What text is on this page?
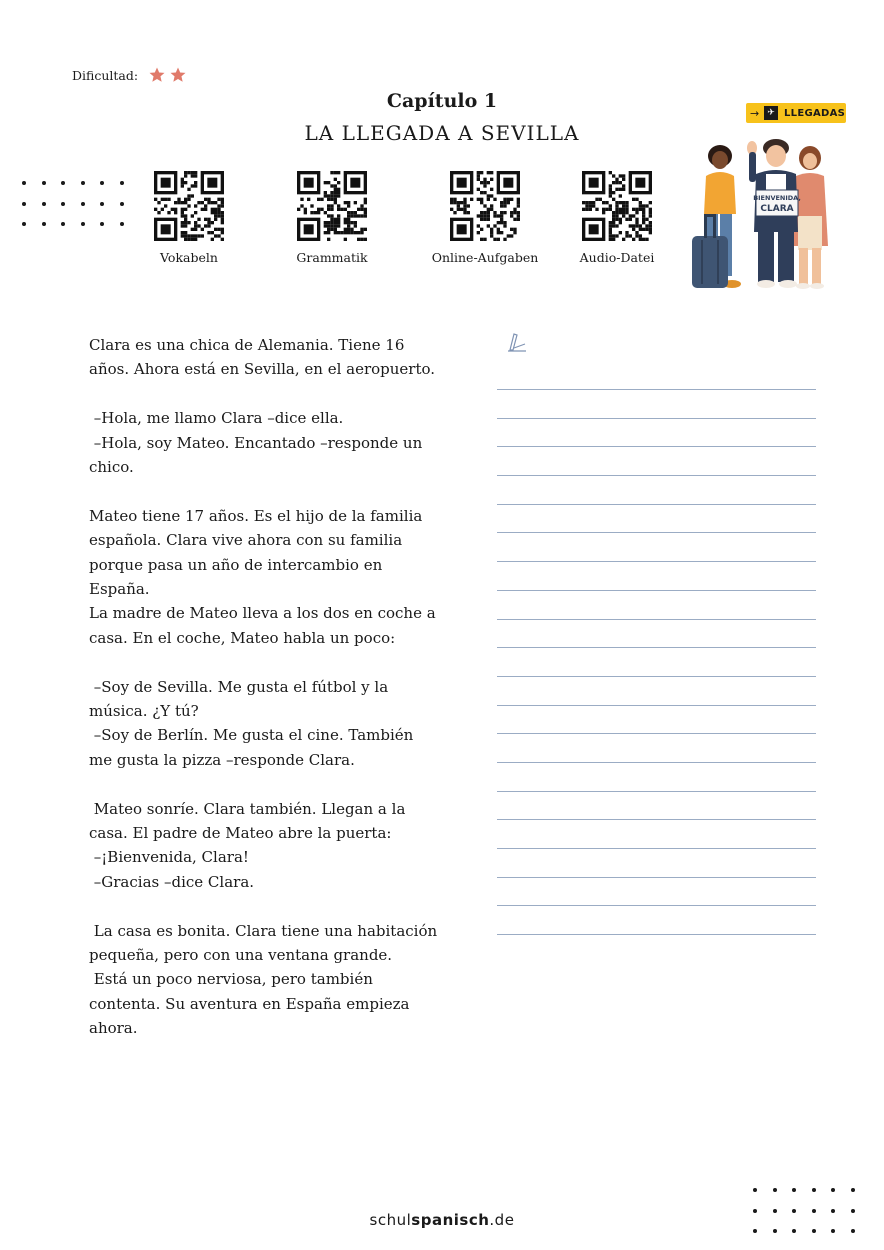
Dificultad:
Capítulo 1
LA LLEGADA A SEVILLA
Vokabeln	Grammatik	Online-Aufgaben	Audio-Datei
→ ✈ LLEGADAS
BIENVENIDA,
CLARA

Clara es una chica de Alemania. Tiene 16 años. Ahora está en Sevilla, en el aeropuerto.

–Hola, me llamo Clara –dice ella.
–Hola, soy Mateo. Encantado –responde un chico.

Mateo tiene 17 años. Es el hijo de la familia española. Clara vive ahora con su familia porque pasa un año de intercambio en España.
La madre de Mateo lleva a los dos en coche a casa. En el coche, Mateo habla un poco:

–Soy de Sevilla. Me gusta el fútbol y la música. ¿Y tú?
–Soy de Berlín. Me gusta el cine. También me gusta la pizza –responde Clara.

Mateo sonríe. Clara también. Llegan a la casa. El padre de Mateo abre la puerta:
–¡Bienvenida, Clara!
–Gracias –dice Clara.

La casa es bonita. Clara tiene una habitación pequeña, pero con una ventana grande.
Está un poco nerviosa, pero también contenta. Su aventura en España empieza ahora.

schulspanisch.de
